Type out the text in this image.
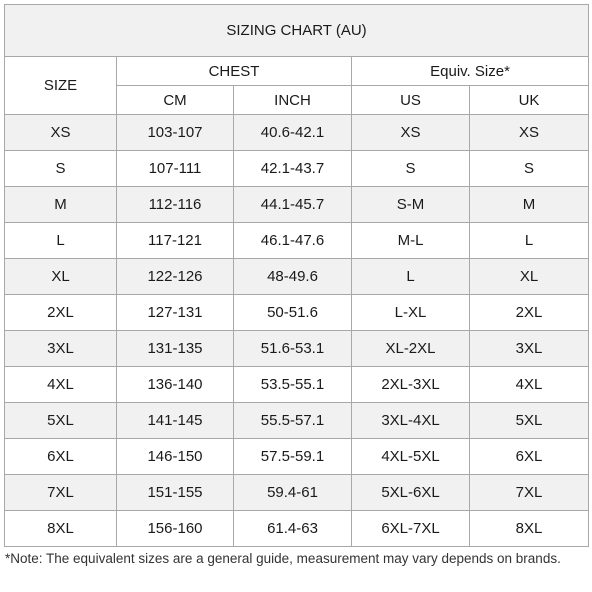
SIZING CHART (AU)				
SIZE	CHEST		Equiv. Size*	
	CM	INCH	US	UK
XS	103-107	40.6-42.1	XS	XS
S	107-111	42.1-43.7	S	S
M	112-116	44.1-45.7	S-M	M
L	117-121	46.1-47.6	M-L	L
XL	122-126	48-49.6	L	XL
2XL	127-131	50-51.6	L-XL	2XL
3XL	131-135	51.6-53.1	XL-2XL	3XL
4XL	136-140	53.5-55.1	2XL-3XL	4XL
5XL	141-145	55.5-57.1	3XL-4XL	5XL
6XL	146-150	57.5-59.1	4XL-5XL	6XL
7XL	151-155	59.4-61	5XL-6XL	7XL
8XL	156-160	61.4-63	6XL-7XL	8XL
*Note: The equivalent sizes are a general guide, measurement may vary depends on brands.
